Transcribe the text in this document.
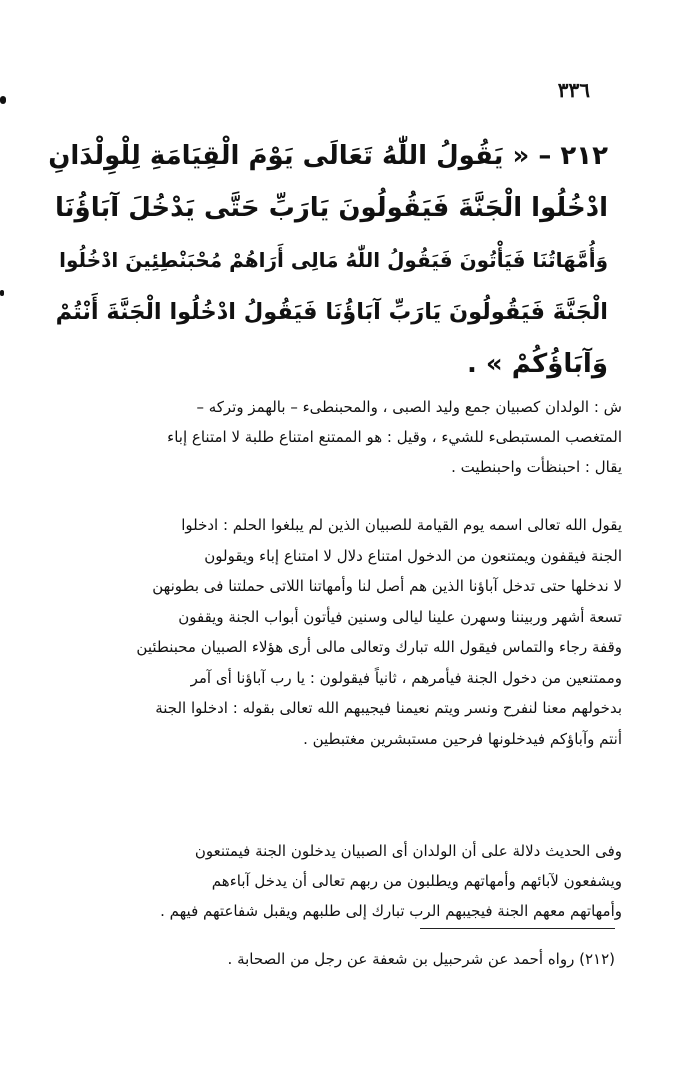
٣٣٦
٢١٢ – « يَقُولُ اللّٰهُ تَعَالَى يَوْمَ الْقِيَامَةِ لِلْوِلْدَانِ
ادْخُلُوا الْجَنَّةَ فَيَقُولُونَ يَارَبِّ حَتَّى يَدْخُلَ آبَاؤُنَا
وَأُمَّهَاتُنَا فَيَأْتُونَ فَيَقُولُ اللّٰهُ مَالِى أَرَاهُمْ مُحْبَنْطِئِينَ ادْخُلُوا
الْجَنَّةَ فَيَقُولُونَ يَارَبِّ آبَاؤُنَا فَيَقُولُ ادْخُلُوا الْجَنَّةَ أَنْتُمْ
وَآبَاؤُكُمْ » .
ش : الولدان كصبيان جمع وليد الصبى ، والمحبنطىء – بالهمز وتركه –
المتغصب المستبطىء للشيء ، وقيل : هو الممتنع امتناع طلبة لا امتناع إباء
يقال : احبنظأت واحبنطيت .
يقول الله تعالى اسمه يوم القيامة للصبيان الذين لم يبلغوا الحلم : ادخلوا
الجنة فيقفون ويمتنعون من الدخول امتناع دلال لا امتناع إباء ويقولون
لا ندخلها حتى تدخل آباؤنا الذين هم أصل لنا وأمهاتنا اللاتى حملتنا فى بطونهن
تسعة أشهر وربيننا وسهرن علينا ليالى وسنين فيأتون أبواب الجنة ويقفون
وقفة رجاء والتماس فيقول الله تبارك وتعالى مالى أرى هؤلاء الصبيان محبنطئين
وممتنعين من دخول الجنة فيأمرهم ، ثانياً فيقولون : يا رب آباؤنا أى آمر
بدخولهم معنا لنفرح ونسر ويتم نعيمنا فيجيبهم الله تعالى بقوله : ادخلوا الجنة
أنتم وآباؤكم فيدخلونها فرحين مستبشرين مغتبطين .
وفى الحديث دلالة على أن الولدان أى الصبيان يدخلون الجنة فيمتنعون
ويشفعون لآبائهم وأمهاتهم ويطلبون من ربهم تعالى أن يدخل آباءهم
وأمهاتهم معهم الجنة فيجيبهم الرب تبارك إلى طلبهم ويقبل شفاعتهم فيهم .
(٢١٢) رواه أحمد عن شرحبيل بن شعفة عن رجل من الصحابة .
